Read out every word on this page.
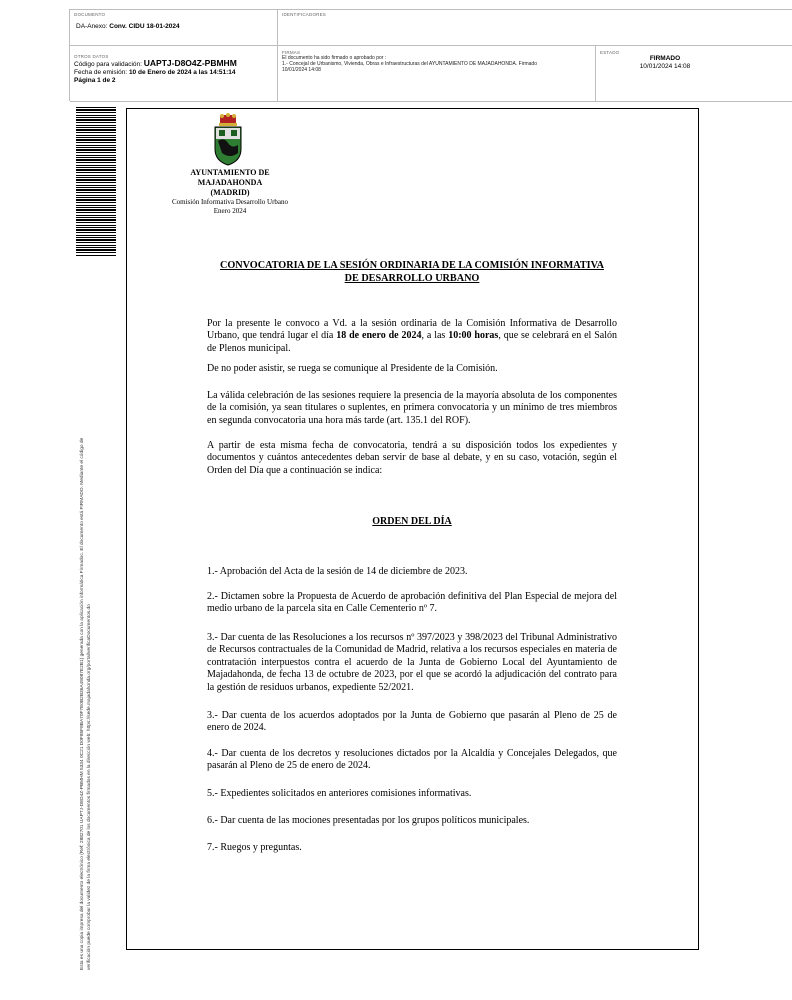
DOCUMENTO
DA-Anexo: Conv. CIDU 18-01-2024
IDENTIFICADORES
OTROS DATOS
Código para validación: UAPTJ-D8O4Z-PBMHM
Fecha de emisión: 10 de Enero de 2024 a las 14:51:14
Página 1 de 2
FIRMAS
El documento ha sido firmado o aprobado por :
1.- Concejal de Urbanismo, Vivienda, Obras e Infraestructuras del AYUNTAMIENTO DE MAJADAHONDA. Firmado
10/01/2024 14:08
ESTADO
FIRMADO
10/01/2024 14:08
Esta es una copia impresa del documento electrónico (Ref: 2882701 UAPTJ-D8O4Z-PBMHM 5334 0C21 D0F85F8BA70F7E0B2B36A49087E2B1) generada con la aplicación informática Firmadoc. El documento está FIRMADO. Mediante el código de verificación puede comprobar la validez de la firma electrónica de los documentos firmados en la dirección web: https://sede.majadahonda.org/portal/verificaDocumentos.do
AYUNTAMIENTO DE
MAJADAHONDA
(MADRID)
Comisión Informativa Desarrollo Urbano
Enero 2024
CONVOCATORIA DE LA SESIÓN ORDINARIA DE LA COMISIÓN INFORMATIVA
DE DESARROLLO URBANO

Por la presente le convoco a Vd. a la sesión ordinaria de la Comisión Informativa de Desarrollo Urbano, que tendrá lugar el día 18 de enero de 2024, a las 10:00 horas, que se celebrará en el Salón de Plenos municipal.

De no poder asistir, se ruega se comunique al Presidente de la Comisión.

La válida celebración de las sesiones requiere la presencia de la mayoría absoluta de los componentes de la comisión, ya sean titulares o suplentes, en primera convocatoria y un mínimo de tres miembros en segunda convocatoria una hora más tarde (art. 135.1 del ROF).

A partir de esta misma fecha de convocatoria, tendrá a su disposición todos los expedientes y documentos y cuántos antecedentes deban servir de base al debate, y en su caso, votación, según el Orden del Día que a continuación se indica:

ORDEN DEL DÍA

1.- Aprobación del Acta de la sesión de 14 de diciembre de 2023.

2.- Dictamen sobre la Propuesta de Acuerdo de aprobación definitiva del Plan Especial de mejora del medio urbano de la parcela sita en Calle Cementerio nº 7.

3.- Dar cuenta de las Resoluciones a los recursos nº 397/2023 y 398/2023 del Tribunal Administrativo de Recursos contractuales de la Comunidad de Madrid, relativa a los recursos especiales en materia de contratación interpuestos contra el acuerdo de la Junta de Gobierno Local del Ayuntamiento de Majadahonda, de fecha 13 de octubre de 2023, por el que se acordó la adjudicación del contrato para la gestión de residuos urbanos, expediente 52/2021.

3.- Dar cuenta de los acuerdos adoptados por la Junta de Gobierno que pasarán al Pleno de 25 de enero de 2024.

4.- Dar cuenta de los decretos y resoluciones dictados por la Alcaldía y Concejales Delegados, que pasarán al Pleno de 25 de enero de 2024.

5.- Expedientes solicitados en anteriores comisiones informativas.

6.- Dar cuenta de las mociones presentadas por los grupos políticos municipales.

7.- Ruegos y preguntas.
